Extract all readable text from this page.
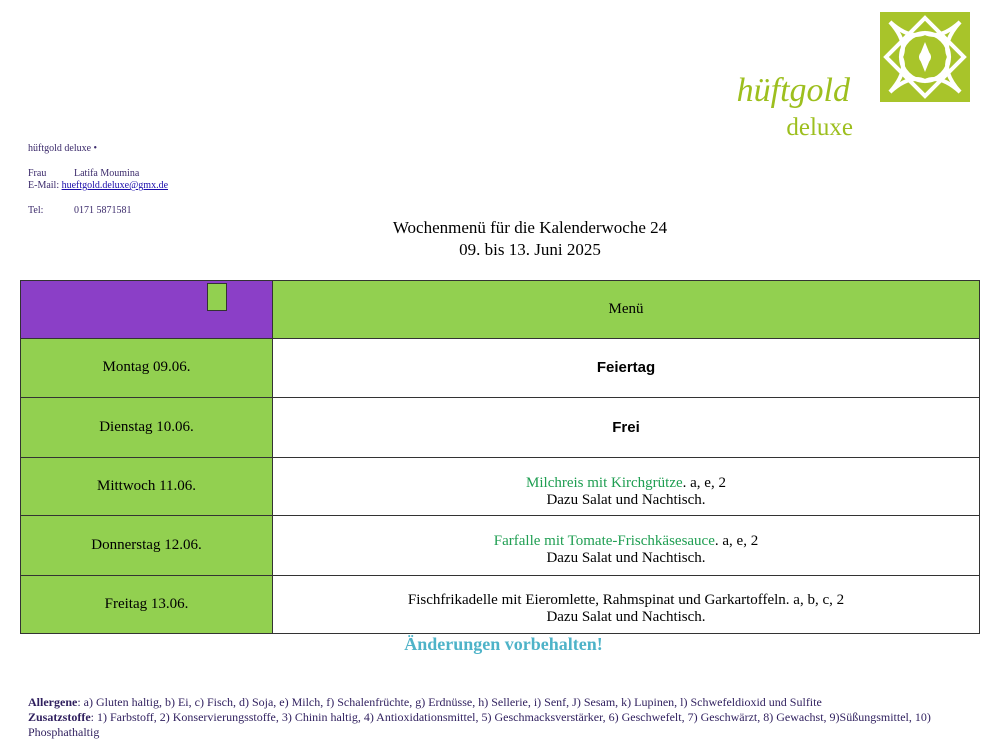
hüftgold
deluxe
hüftgold deluxe •
Frau	Latifa Moumina
E-Mail: hueftgold.deluxe@gmx.de
Tel:	0171 5871581
Wochenmenü für die Kalenderwoche 24
09. bis 13. Juni 2025
	Menü
Montag 09.06.	Feiertag
Dienstag 10.06.	Frei
Mittwoch 11.06.	Milchreis mit Kirchgrütze. a, e, 2
Dazu Salat und Nachtisch.

Donnerstag 12.06.	Farfalle mit Tomate-Frischkäsesauce. a, e, 2
Dazu Salat und Nachtisch.

Freitag 13.06.	Fischfrikadelle mit Eieromlette, Rahmspinat und Garkartoffeln. a, b, c, 2
Dazu Salat und Nachtisch.
Änderungen vorbehalten!
Allergene: a) Gluten haltig, b) Ei, c) Fisch, d) Soja, e) Milch, f) Schalenfrüchte, g) Erdnüsse, h) Sellerie, i) Senf, J) Sesam, k) Lupinen, l) Schwefeldioxid und Sulfite
Zusatzstoffe: 1) Farbstoff, 2) Konservierungsstoffe, 3) Chinin haltig, 4) Antioxidationsmittel, 5) Geschmacksverstärker, 6) Geschwefelt, 7) Geschwärzt, 8) Gewachst, 9)Süßungsmittel, 10) Phosphathaltig
